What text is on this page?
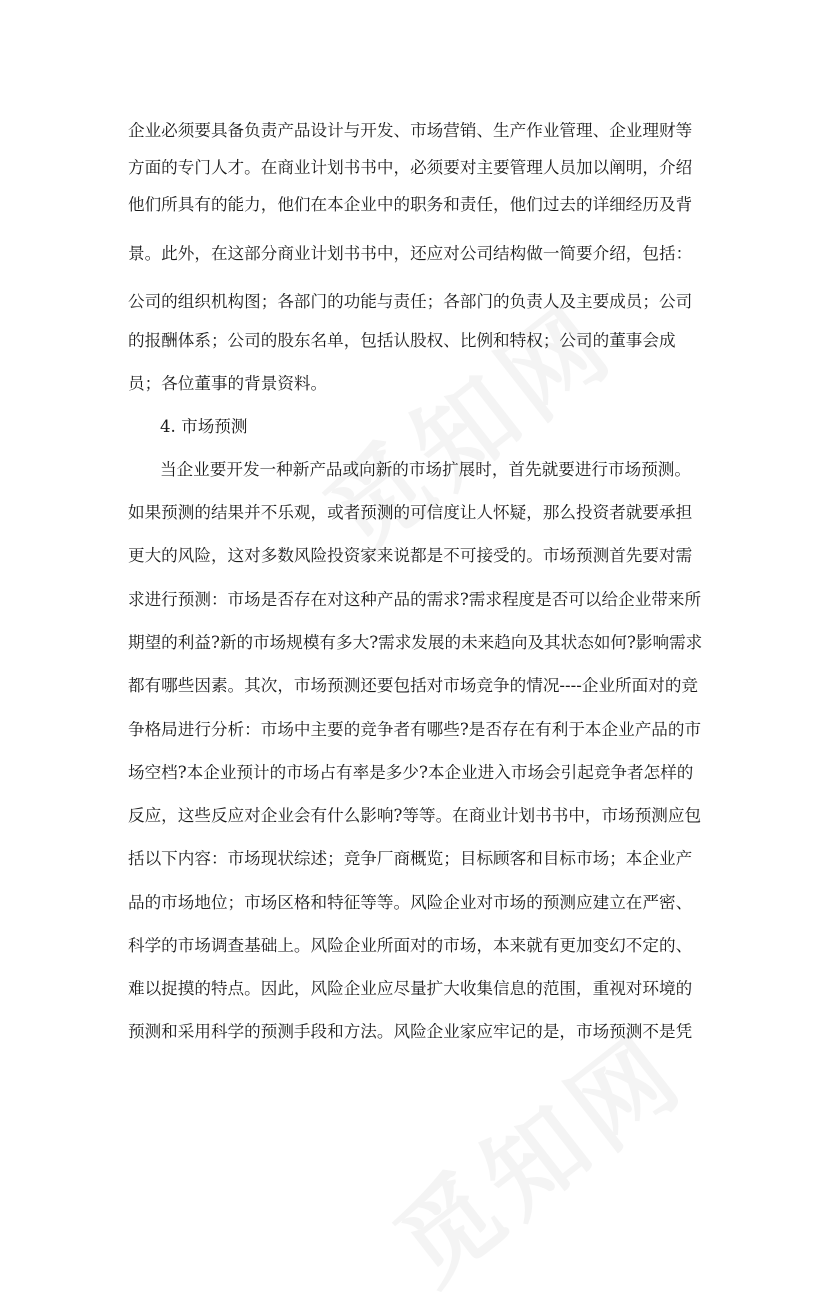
企业必须要具备负责产品设计与开发、市场营销、生产作业管理、企业理财等
方面的专门人才。在商业计划书书中，必须要对主要管理人员加以阐明，介绍
他们所具有的能力，他们在本企业中的职务和责任，他们过去的详细经历及背
景。此外，在这部分商业计划书书中，还应对公司结构做一简要介绍，包括：
公司的组织机构图；各部门的功能与责任；各部门的负责人及主要成员；公司
的报酬体系；公司的股东名单，包括认股权、比例和特权；公司的董事会成
员；各位董事的背景资料。
4. 市场预测
当企业要开发一种新产品或向新的市场扩展时，首先就要进行市场预测。
如果预测的结果并不乐观，或者预测的可信度让人怀疑，那么投资者就要承担
更大的风险，这对多数风险投资家来说都是不可接受的。市场预测首先要对需
求进行预测：市场是否存在对这种产品的需求?需求程度是否可以给企业带来所
期望的利益?新的市场规模有多大?需求发展的未来趋向及其状态如何?影响需求
都有哪些因素。其次，市场预测还要包括对市场竞争的情况----企业所面对的竞
争格局进行分析：市场中主要的竞争者有哪些?是否存在有利于本企业产品的市
场空档?本企业预计的市场占有率是多少?本企业进入市场会引起竞争者怎样的
反应，这些反应对企业会有什么影响?等等。在商业计划书书中，市场预测应包
括以下内容：市场现状综述；竞争厂商概览；目标顾客和目标市场；本企业产
品的市场地位；市场区格和特征等等。风险企业对市场的预测应建立在严密、
科学的市场调查基础上。风险企业所面对的市场，本来就有更加变幻不定的、
难以捉摸的特点。因此，风险企业应尽量扩大收集信息的范围，重视对环境的
预测和采用科学的预测手段和方法。风险企业家应牢记的是，市场预测不是凭
